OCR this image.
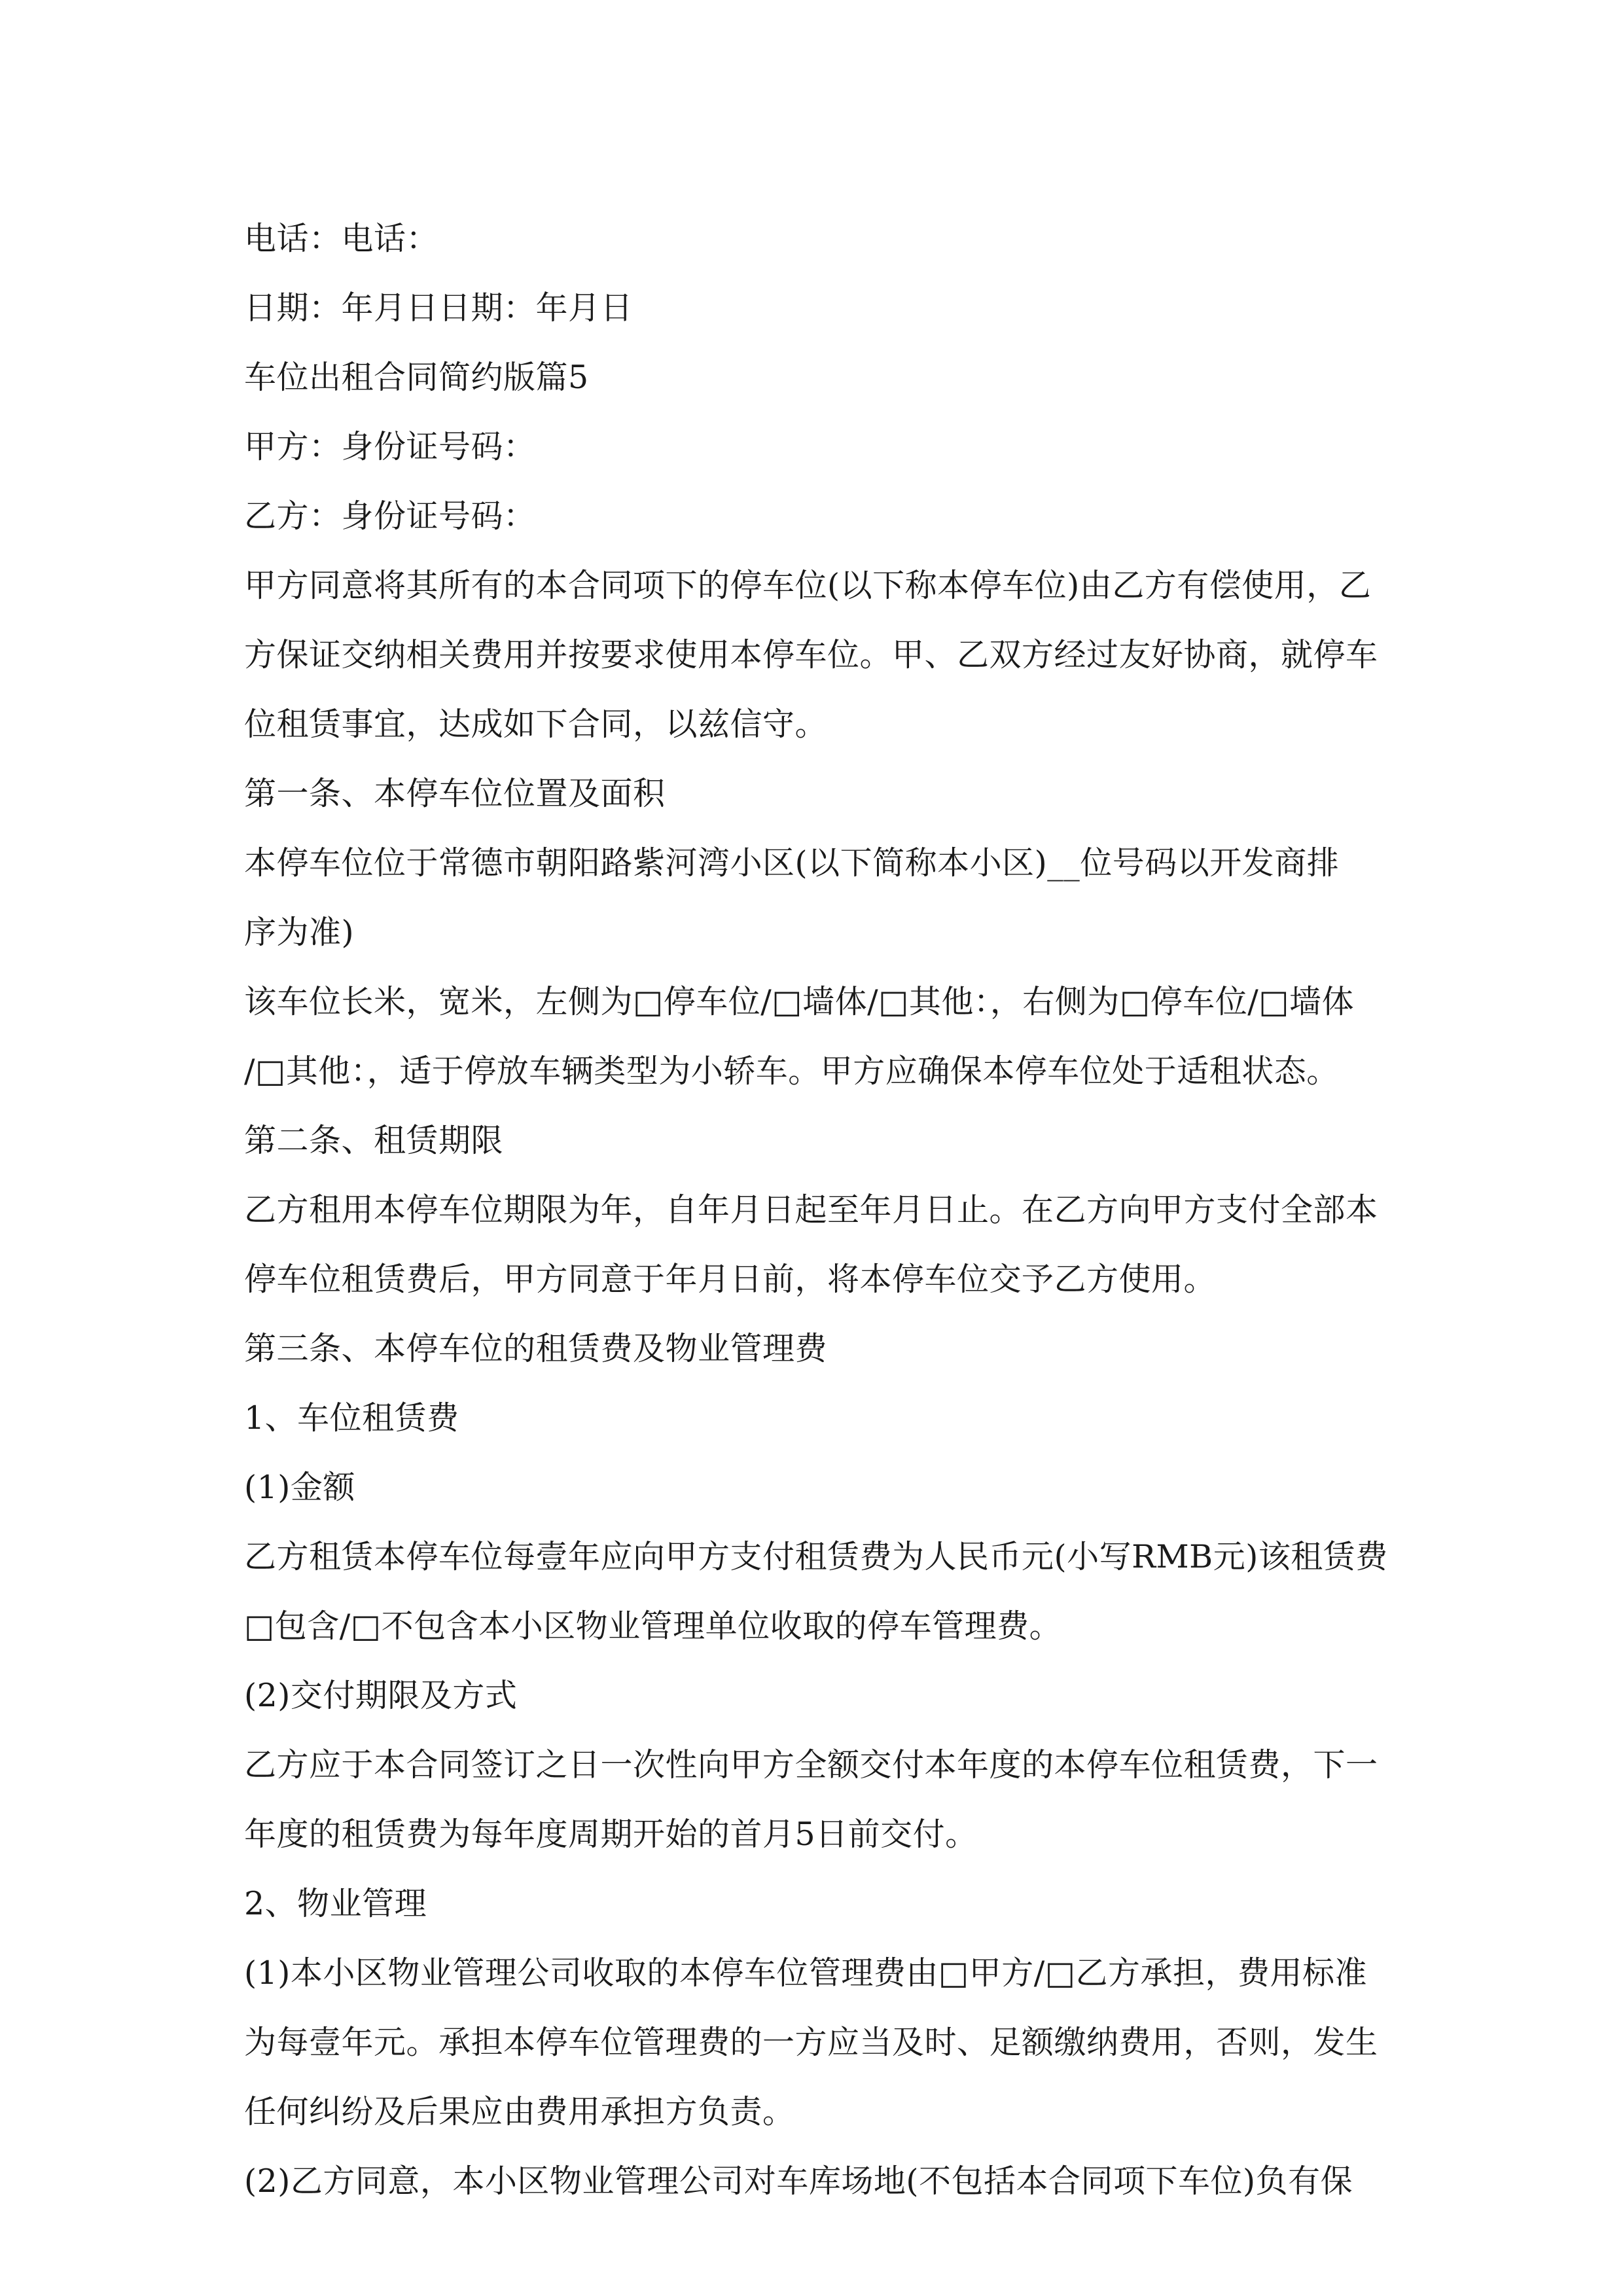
电话：电话：
日期：年月日日期：年月日
车位出租合同简约版篇5
甲方：身份证号码：
乙方：身份证号码：
甲方同意将其所有的本合同项下的停车位(以下称本停车位)由乙方有偿使用，乙
方保证交纳相关费用并按要求使用本停车位。甲、乙双方经过友好协商，就停车
位租赁事宜，达成如下合同，以兹信守。
第一条、本停车位位置及面积
本停车位位于常德市朝阳路紫河湾小区(以下简称本小区)__位号码以开发商排
序为准)
该车位长米，宽米，左侧为□停车位/□墙体/□其他：，右侧为□停车位/□墙体
/□其他：，适于停放车辆类型为小轿车。甲方应确保本停车位处于适租状态。
第二条、租赁期限
乙方租用本停车位期限为年，自年月日起至年月日止。在乙方向甲方支付全部本
停车位租赁费后，甲方同意于年月日前，将本停车位交予乙方使用。
第三条、本停车位的租赁费及物业管理费
1、车位租赁费
(1)金额
乙方租赁本停车位每壹年应向甲方支付租赁费为人民币元(小写RMB元)该租赁费
□包含/□不包含本小区物业管理单位收取的停车管理费。
(2)交付期限及方式
乙方应于本合同签订之日一次性向甲方全额交付本年度的本停车位租赁费，下一
年度的租赁费为每年度周期开始的首月5日前交付。
2、物业管理
(1)本小区物业管理公司收取的本停车位管理费由□甲方/□乙方承担，费用标准
为每壹年元。承担本停车位管理费的一方应当及时、足额缴纳费用，否则，发生
任何纠纷及后果应由费用承担方负责。
(2)乙方同意，本小区物业管理公司对车库场地(不包括本合同项下车位)负有保
